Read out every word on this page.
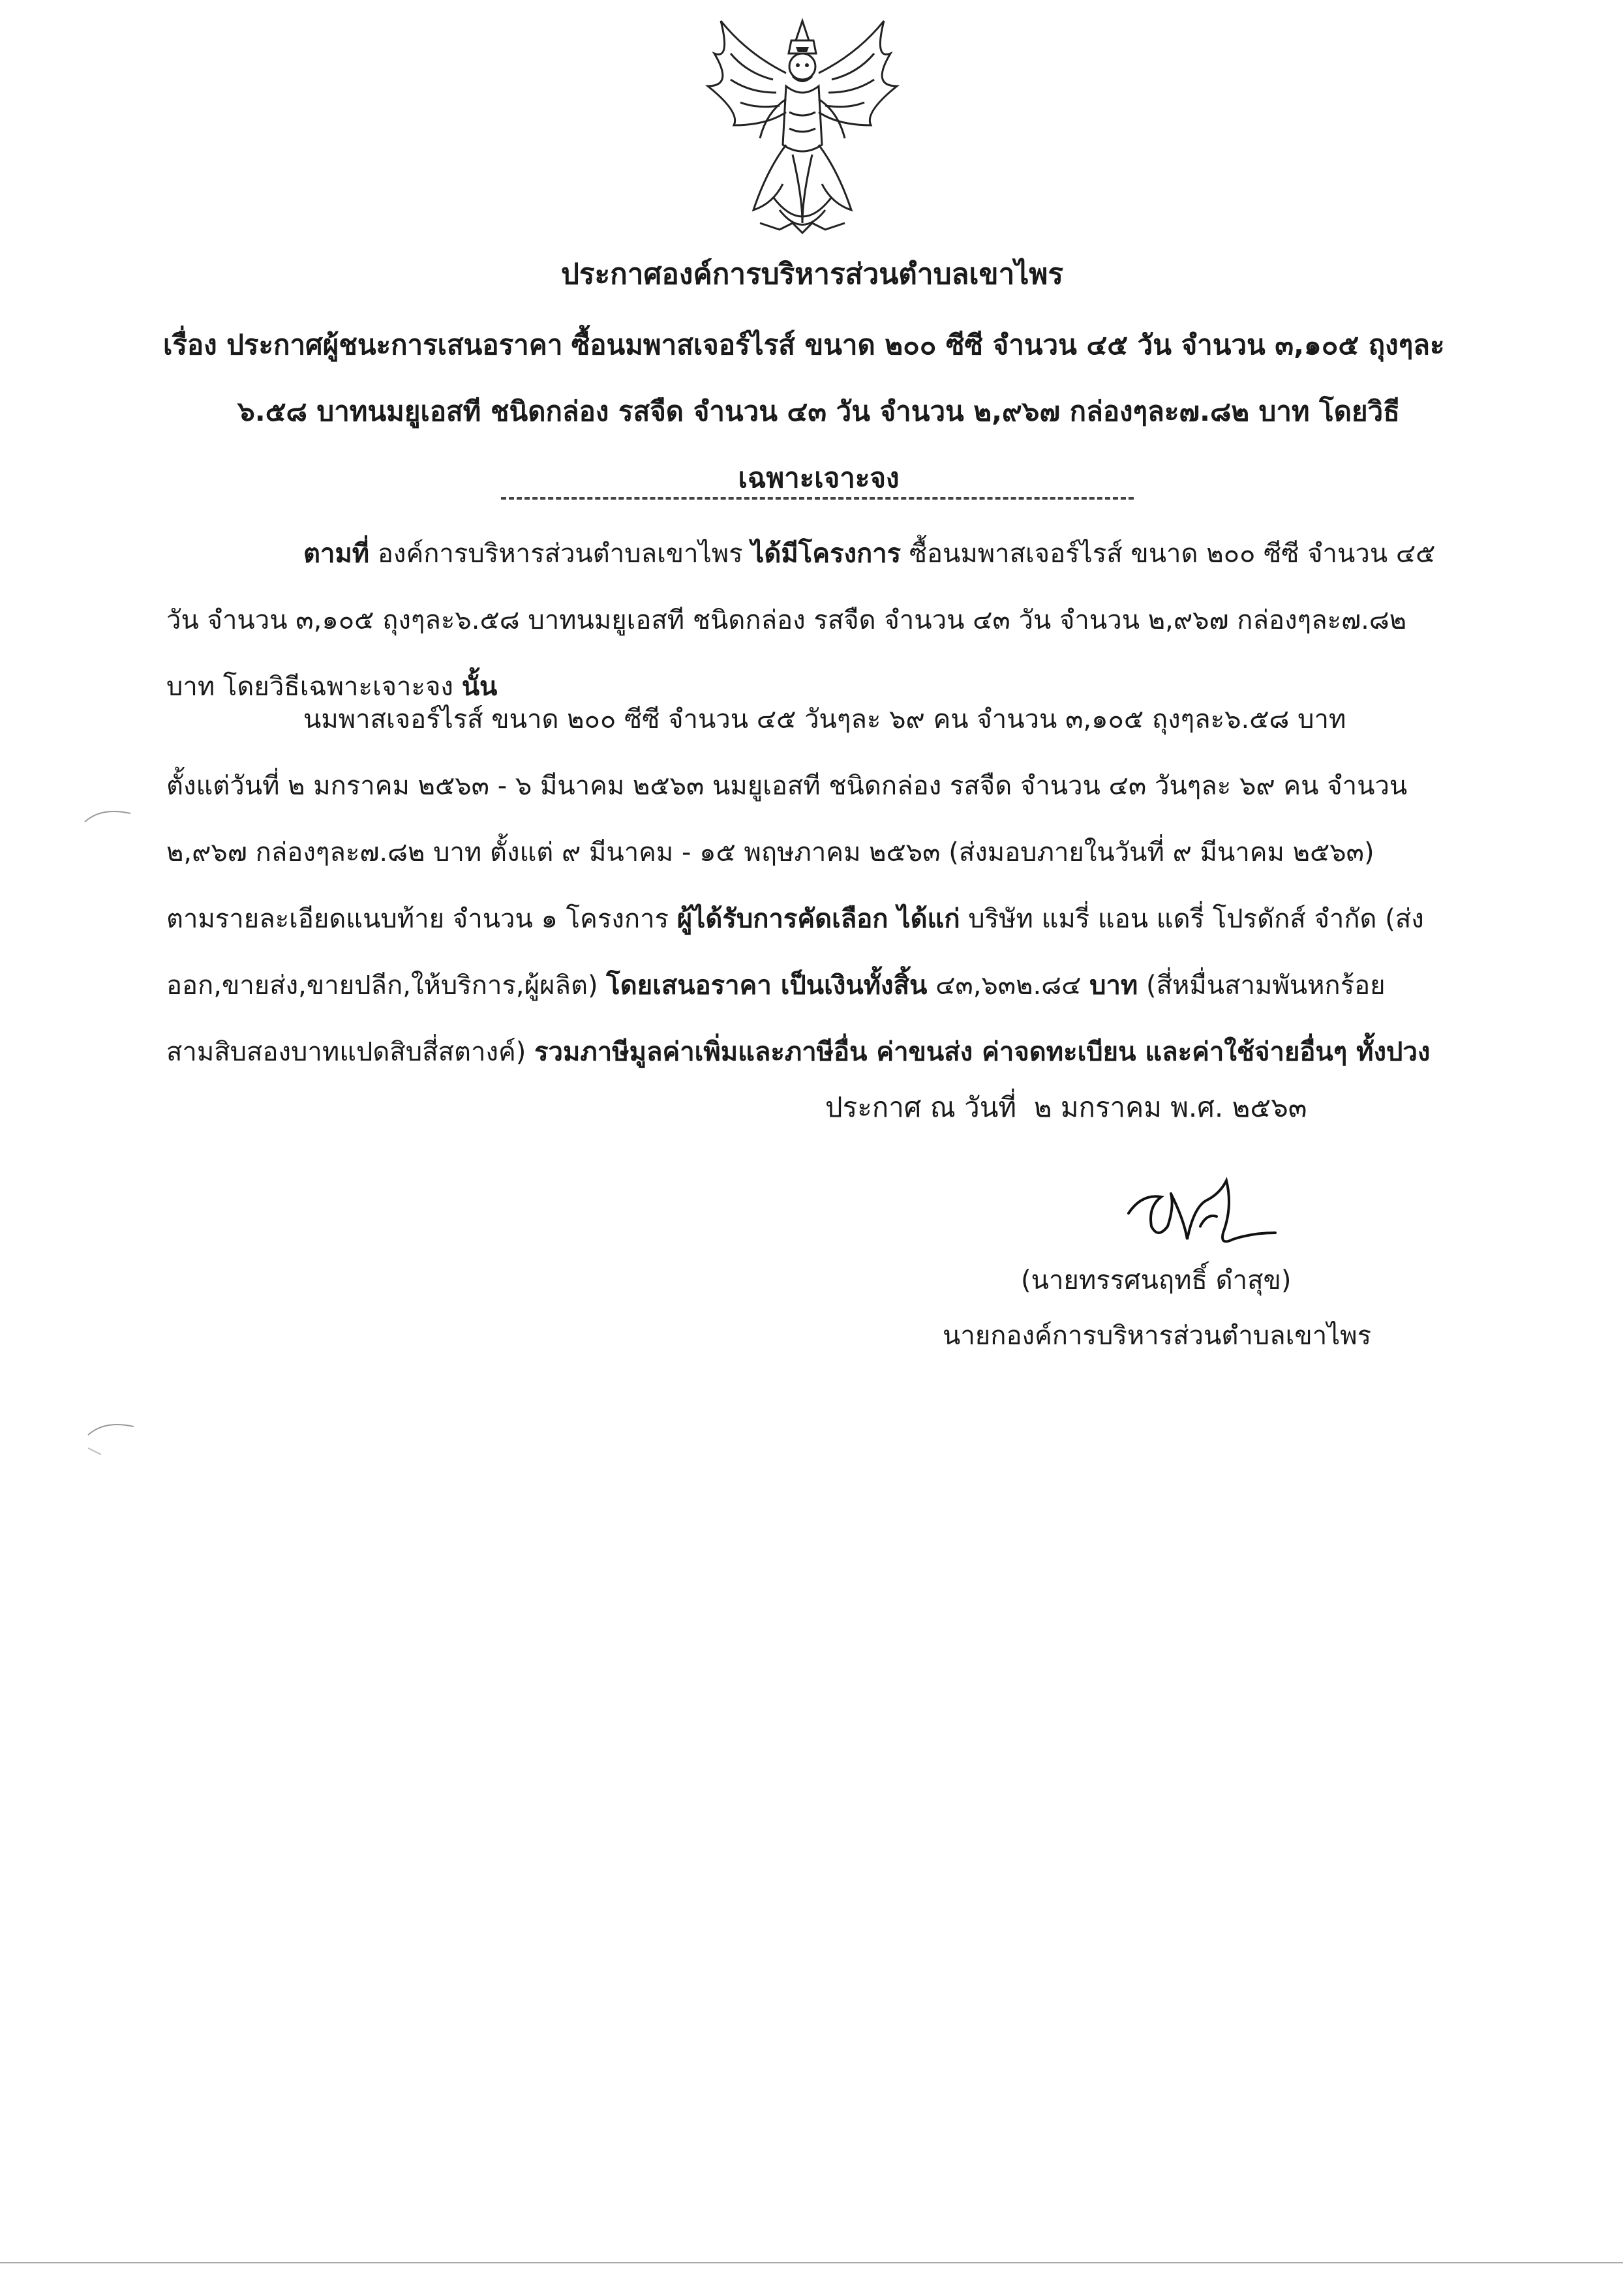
ประกาศองค์การบริหารส่วนตำบลเขาไพร
เรื่อง ประกาศผู้ชนะการเสนอราคา ซื้อนมพาสเจอร์ไรส์ ขนาด ๒๐๐ ซีซี จำนวน ๔๕ วัน จำนวน ๓,๑๐๕ ถุงๆละ
๖.๕๘ บาทนมยูเอสที ชนิดกล่อง รสจืด จำนวน ๔๓ วัน จำนวน ๒,๙๖๗ กล่องๆละ๗.๘๒ บาท โดยวิธี
เฉพาะเจาะจง
ตามที่ องค์การบริหารส่วนตำบลเขาไพร ได้มีโครงการ ซื้อนมพาสเจอร์ไรส์ ขนาด ๒๐๐ ซีซี จำนวน ๔๕
วัน จำนวน ๓,๑๐๕ ถุงๆละ๖.๕๘ บาทนมยูเอสที ชนิดกล่อง รสจืด จำนวน ๔๓ วัน จำนวน ๒,๙๖๗ กล่องๆละ๗.๘๒
บาท โดยวิธีเฉพาะเจาะจง นั้น
นมพาสเจอร์ไรส์ ขนาด ๒๐๐ ซีซี จำนวน ๔๕ วันๆละ ๖๙ คน จำนวน ๓,๑๐๕ ถุงๆละ๖.๕๘ บาท
ตั้งแต่วันที่ ๒ มกราคม ๒๕๖๓ - ๖ มีนาคม ๒๕๖๓ นมยูเอสที ชนิดกล่อง รสจืด จำนวน ๔๓ วันๆละ ๖๙ คน จำนวน
๒,๙๖๗ กล่องๆละ๗.๘๒ บาท ตั้งแต่ ๙ มีนาคม - ๑๕ พฤษภาคม ๒๕๖๓ (ส่งมอบภายในวันที่ ๙ มีนาคม ๒๕๖๓)
ตามรายละเอียดแนบท้าย จำนวน ๑ โครงการ ผู้ได้รับการคัดเลือก ได้แก่ บริษัท แมรี่ แอน แดรี่ โปรดักส์ จำกัด (ส่ง
ออก,ขายส่ง,ขายปลีก,ให้บริการ,ผู้ผลิต) โดยเสนอราคา เป็นเงินทั้งสิ้น ๔๓,๖๓๒.๘๔ บาท (สี่หมื่นสามพันหกร้อย
สามสิบสองบาทแปดสิบสี่สตางค์) รวมภาษีมูลค่าเพิ่มและภาษีอื่น ค่าขนส่ง ค่าจดทะเบียน และค่าใช้จ่ายอื่นๆ ทั้งปวง
ประกาศ ณ วันที่ ๒ มกราคม พ.ศ. ๒๕๖๓
(นายทรรศนฤทธิ์ ดำสุข)
นายกองค์การบริหารส่วนตำบลเขาไพร
